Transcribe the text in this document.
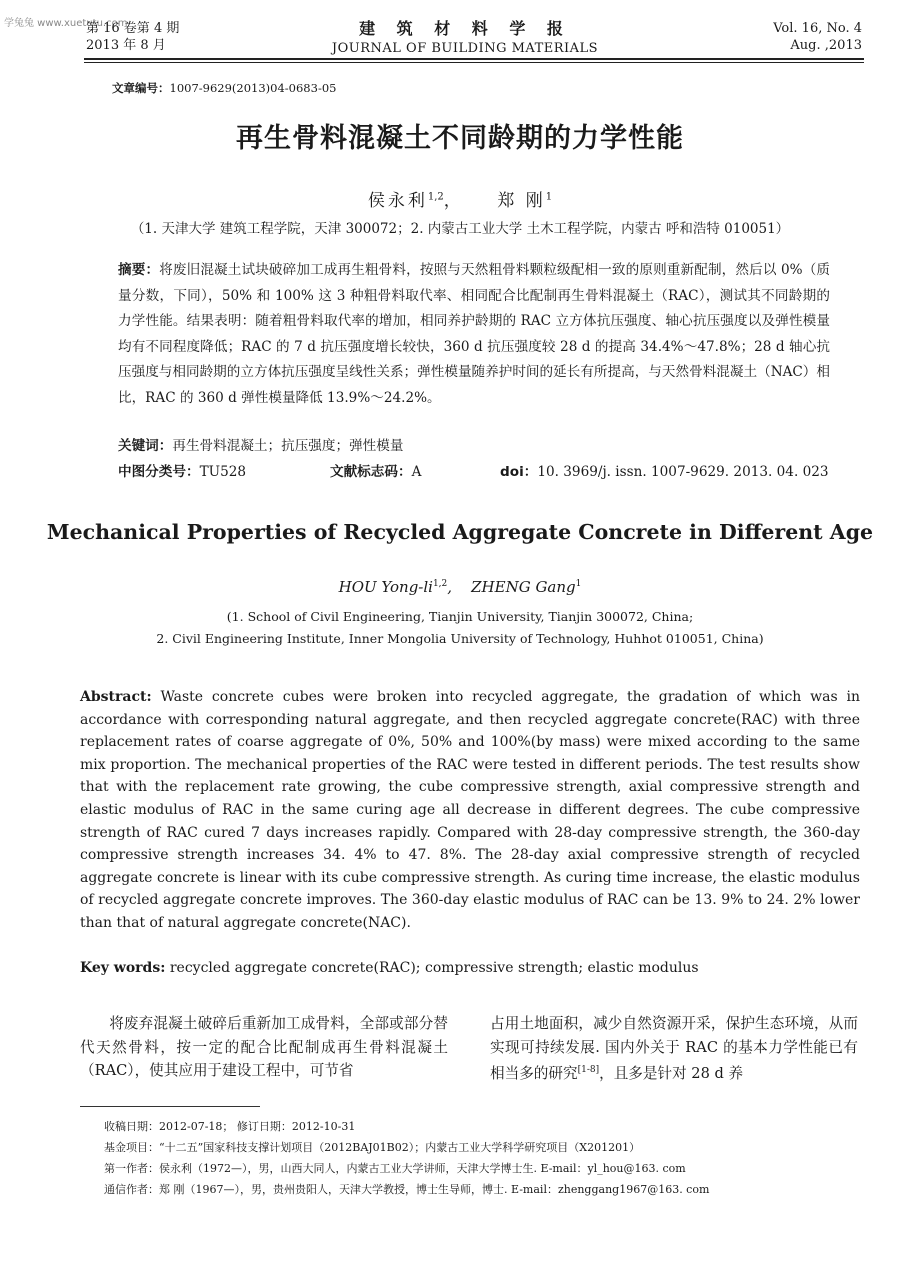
学兔兔 www.xuetutu.com
第 16 卷第 4 期
2013 年 8 月
建 筑 材 料 学 报
JOURNAL OF BUILDING MATERIALS
Vol. 16, No. 4
Aug. ,2013
文章编号：1007-9629(2013)04-0683-05
再生骨料混凝土不同龄期的力学性能
侯永利$^{1,2}$，    郑 刚$^1$
（1. 天津大学 建筑工程学院，天津 300072；2. 内蒙古工业大学 土木工程学院，内蒙古 呼和浩特 010051）
摘要：将废旧混凝土试块破碎加工成再生粗骨料，按照与天然粗骨料颗粒级配相一致的原则重新配制，然后以 0%（质量分数，下同），50% 和 100% 这 3 种粗骨料取代率、相同配合比配制再生骨料混凝土（RAC），测试其不同龄期的力学性能。结果表明：随着粗骨料取代率的增加，相同养护龄期的 RAC 立方体抗压强度、轴心抗压强度以及弹性模量均有不同程度降低；RAC 的 7 d 抗压强度增长较快，360 d 抗压强度较 28 d 的提高 34.4%～47.8%；28 d 轴心抗压强度与相同龄期的立方体抗压强度呈线性关系；弹性模量随养护时间的延长有所提高，与天然骨料混凝土（NAC）相比，RAC 的 360 d 弹性模量降低 13.9%～24.2%。
关键词：再生骨料混凝土；抗压强度；弹性模量
中图分类号：TU528	文献标志码：A	doi：10. 3969/j. issn. 1007-9629. 2013. 04. 023
Mechanical Properties of Recycled Aggregate Concrete in Different Age
HOU Yong-li$^{1,2}$,    ZHENG Gang$^1$
(1. School of Civil Engineering, Tianjin University, Tianjin 300072, China;
2. Civil Engineering Institute, Inner Mongolia University of Technology, Huhhot 010051, China)
Abstract: Waste concrete cubes were broken into recycled aggregate, the gradation of which was in accordance with corresponding natural aggregate, and then recycled aggregate concrete(RAC) with three replacement rates of coarse aggregate of 0%, 50% and 100%(by mass) were mixed according to the same mix proportion. The mechanical properties of the RAC were tested in different periods. The test results show that with the replacement rate growing, the cube compressive strength, axial compressive strength and elastic modulus of RAC in the same curing age all decrease in different degrees. The cube compressive strength of RAC cured 7 days increases rapidly. Compared with 28-day compressive strength, the 360-day compressive strength increases 34. 4% to 47. 8%. The 28-day axial compressive strength of recycled aggregate concrete is linear with its cube compressive strength. As curing time increase, the elastic modulus of recycled aggregate concrete improves. The 360-day elastic modulus of RAC can be 13. 9% to 24. 2% lower than that of natural aggregate concrete(NAC).
Key words: recycled aggregate concrete(RAC); compressive strength; elastic modulus
将废弃混凝土破碎后重新加工成骨料，全部或部分替代天然骨料，按一定的配合比配制成再生骨料混凝土（RAC），使其应用于建设工程中，可节省
占用土地面积，减少自然资源开采，保护生态环境，从而实现可持续发展. 国内外关于 RAC 的基本力学性能已有相当多的研究[1-8]，且多是针对 28 d 养
收稿日期：2012-07-18； 修订日期：2012-10-31
基金项目：“十二五”国家科技支撑计划项目（2012BAJ01B02）；内蒙古工业大学科学研究项目（X201201）
第一作者：侯永利（1972—），男，山西大同人，内蒙古工业大学讲师，天津大学博士生. E-mail：yl_hou@163. com
通信作者：郑 刚（1967—），男，贵州贵阳人，天津大学教授，博士生导师，博士. E-mail：zhenggang1967@163. com
